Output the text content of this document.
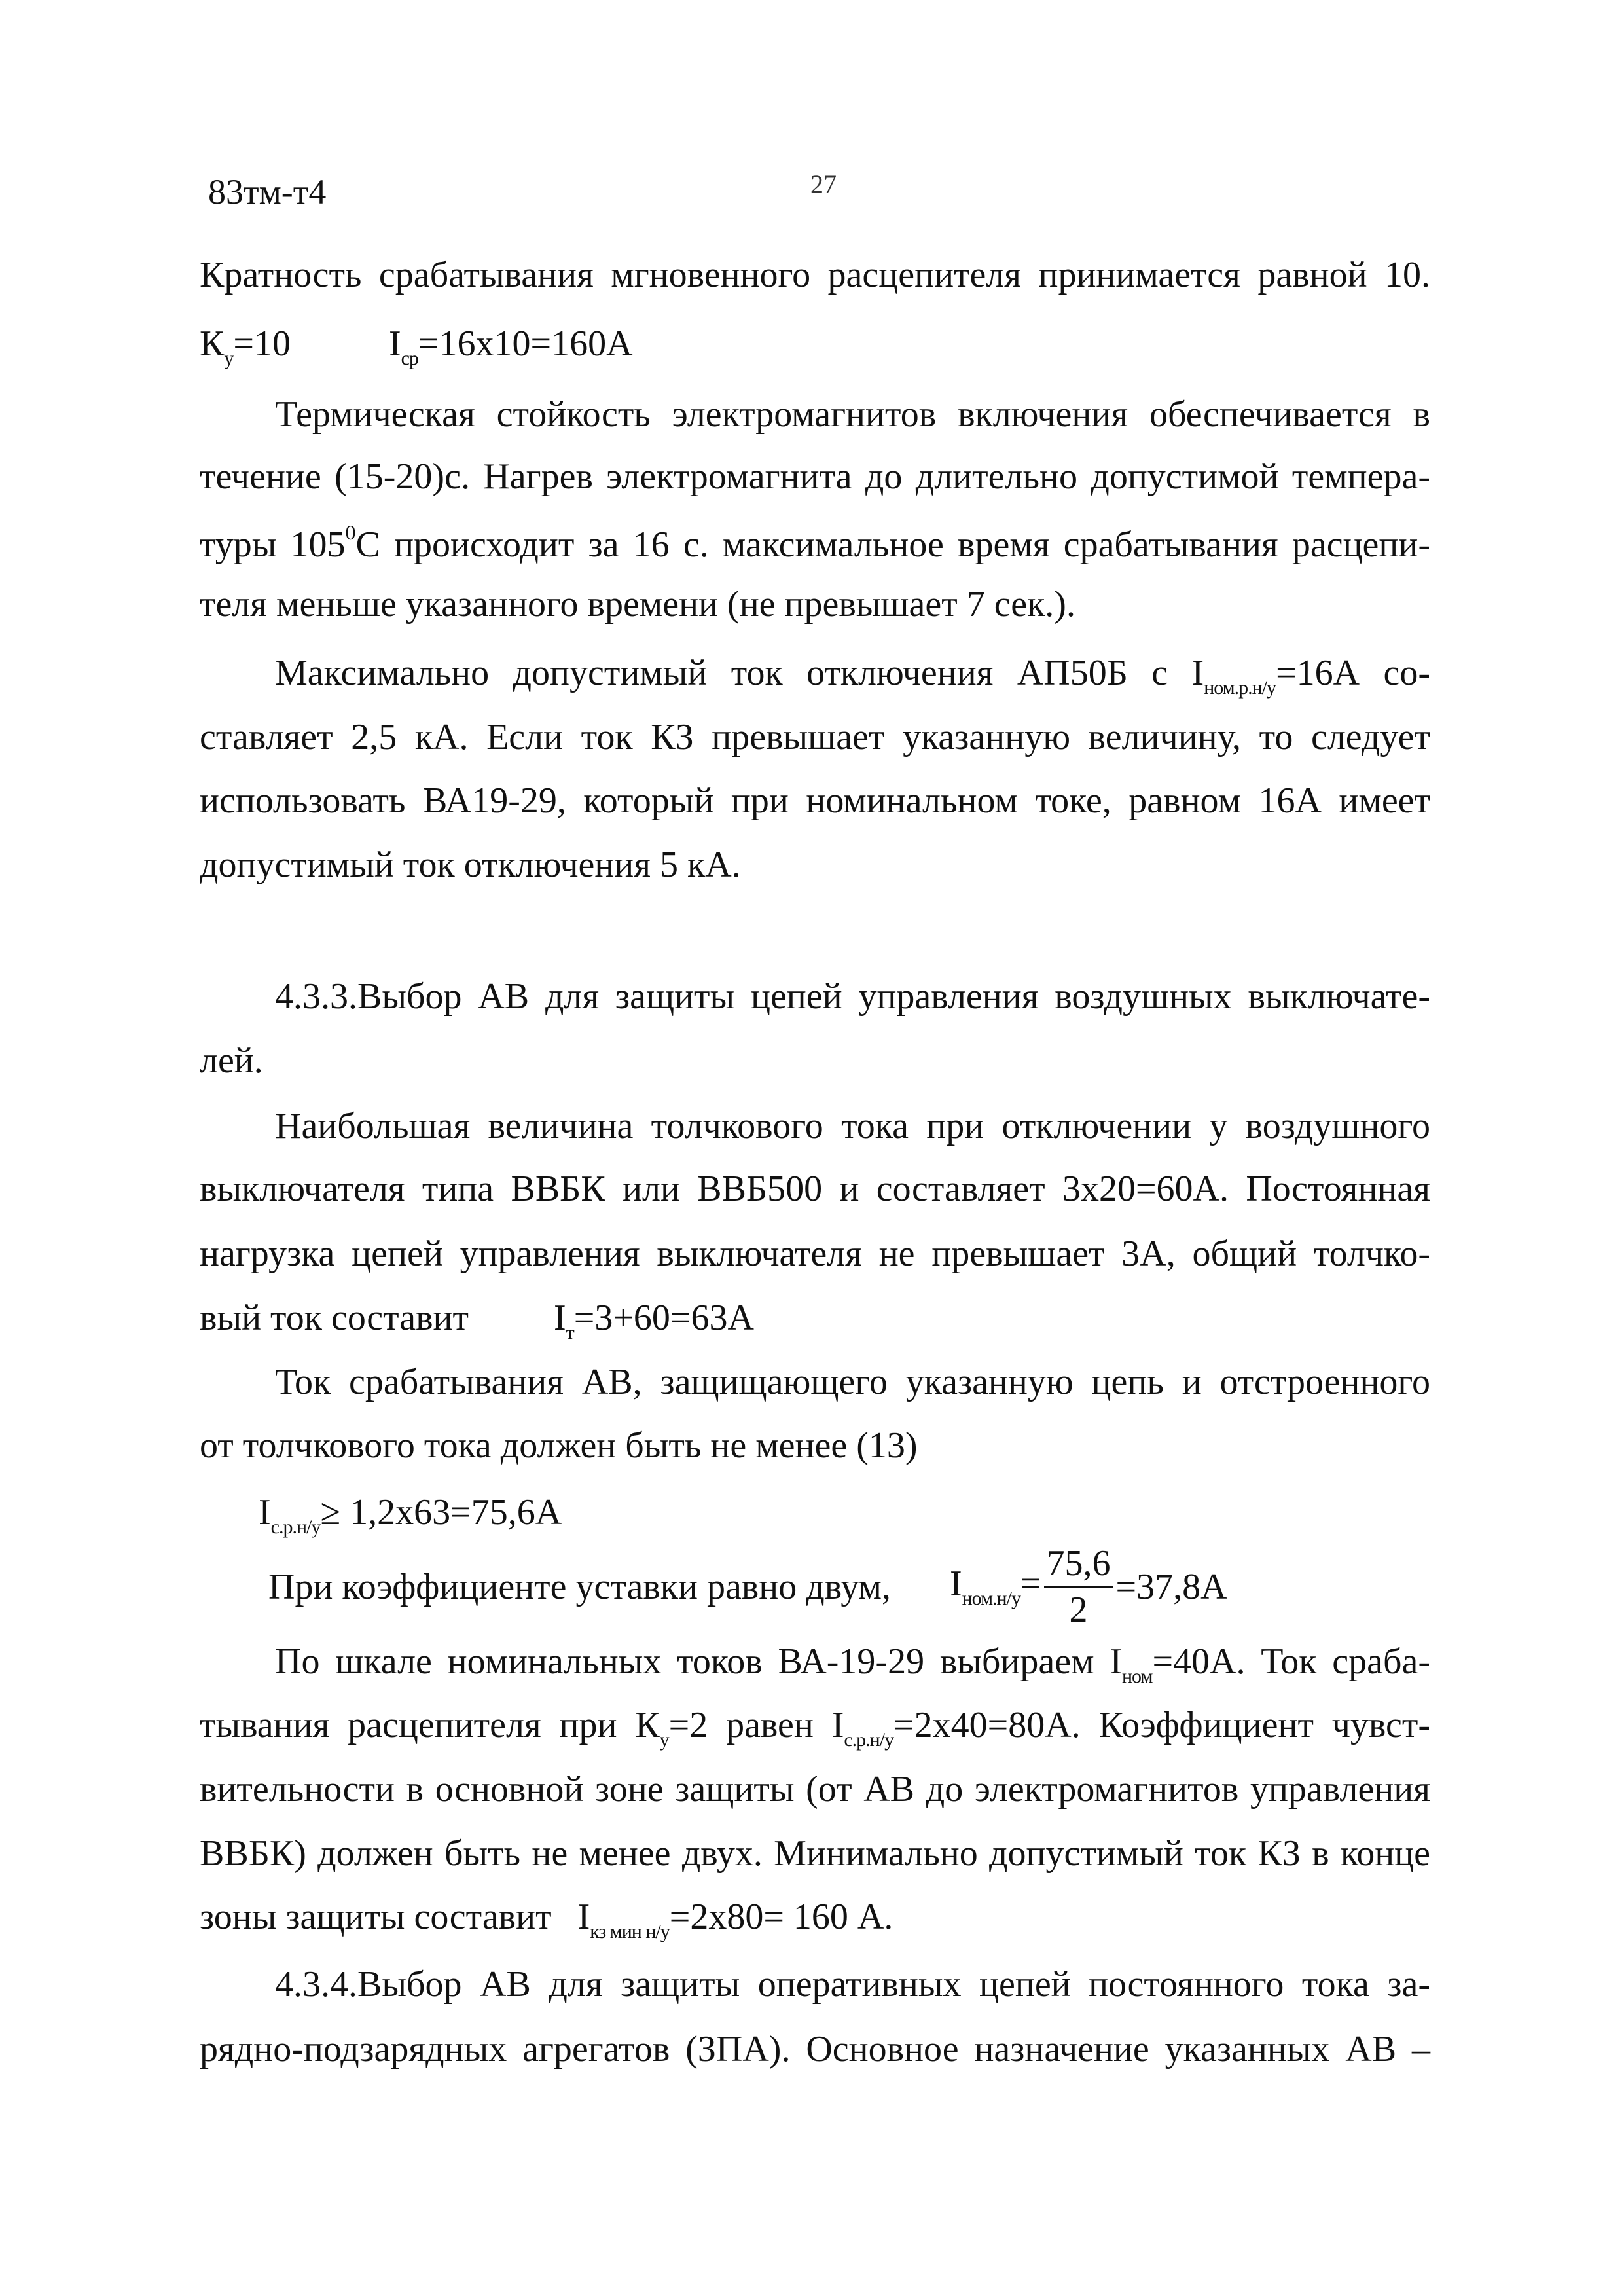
83тм-т4	27
Кратность срабатывания мгновенного расцепителя принимается равной 10.
$К_у=10$	$I_{ср}=16х10=160А$
Термическая стойкость электромагнитов включения обеспечивается в
течение (15-20)с. Нагрев электромагнита до длительно допустимой темпера-
туры $105^0С$ происходит за 16 с. максимальное время срабатывания расцепи-
теля меньше указанного времени (не превышает 7 сек.).
Максимально допустимый ток отключения АП50Б с $I_{ном.р.н/у}=16А$ со-
ставляет 2,5 кА. Если ток КЗ превышает указанную величину, то следует
использовать ВА19-29, который при номинальном токе, равном 16А имеет
допустимый ток отключения 5 кА.
4.3.3.Выбор АВ для защиты цепей управления воздушных выключате-
лей.
Наибольшая величина толчкового тока при отключении у воздушного
выключателя типа ВВБК или ВВБ500 и составляет 3х20=60А. Постоянная
нагрузка цепей управления выключателя не превышает 3А, общий толчко-
вый ток составит $I_т=3+60=63А$
Ток срабатывания АВ, защищающего указанную цепь и отстроенного
от толчкового тока должен быть не менее (13)
$I_{с.р.н/у}\ge 1,2х63=75,6А$
При коэффициенте уставки равно двум, $I_{ном.н/у}= \frac{75,6}{2} =37,8А$
По шкале номинальных токов ВА-19-29 выбираем $I_{ном}=40А$. Ток сраба-
тывания расцепителя при $К_у=2$ равен $I_{с.р.н/у}=2х40=80А$. Коэффициент чувст-
вительности в основной зоне защиты (от АВ до электромагнитов управления
ВВБК) должен быть не менее двух. Минимально допустимый ток КЗ в конце
зоны защиты составит $I_{кз мин н/у}=2х80= 160$ А.
4.3.4.Выбор АВ для защиты оперативных цепей постоянного тока за-
рядно-подзарядных агрегатов (ЗПА). Основное назначение указанных АВ –
